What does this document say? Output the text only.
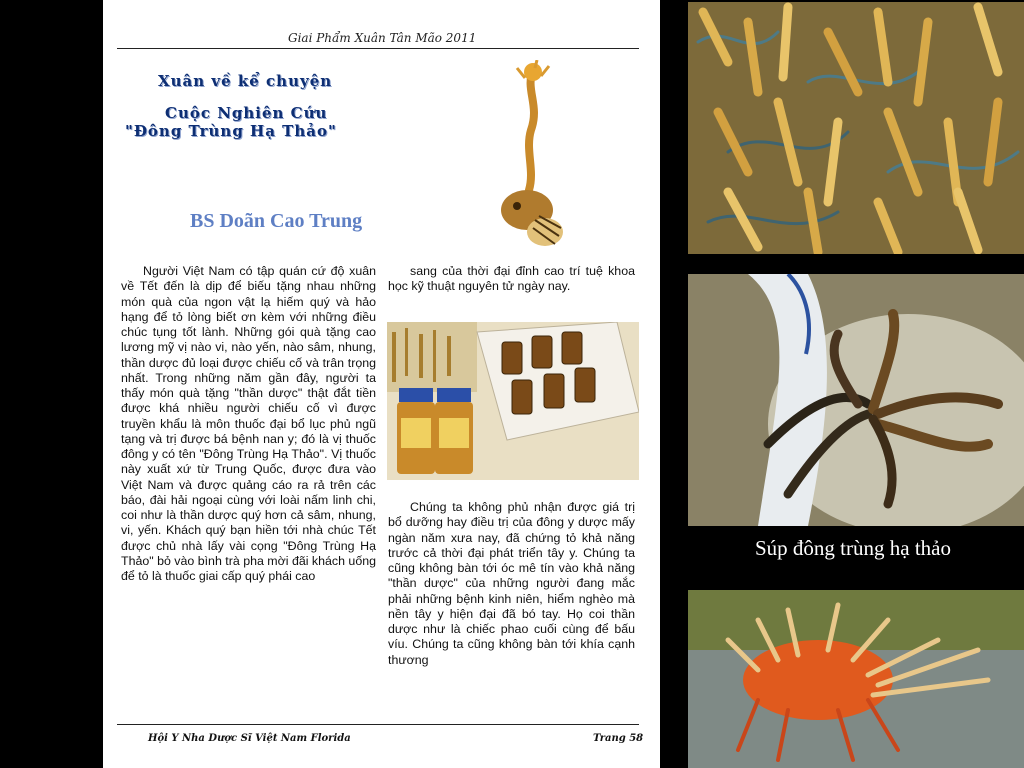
Giai Phẩm Xuân Tân Mão 2011
Xuân về kể chuyện
Cuộc Nghiên Cứu
"Đông Trùng Hạ Thảo"
BS Doãn Cao Trung

Người Việt Nam có tập quán cứ độ xuân về Tết đến là dịp để biếu tặng nhau những món quà của ngon vật lạ hiếm quý và hảo hạng để tỏ lòng biết ơn kèm với những điều chúc tụng tốt lành. Những gói quà tặng cao lương mỹ vị nào vi, nào yến, nào sâm, nhung, thần dược đủ loại được chiếu cố và trân trọng nhất. Trong những năm gần đây, người ta thấy món quà tặng "thần dược" thật đắt tiền được khá nhiều người chiếu cố vì được truyền khẩu là môn thuốc đại bổ lục phủ ngũ tạng và trị được bá bệnh nan y; đó là vị thuốc đông y có tên "Đông Trùng Hạ Thảo". Vị thuốc này xuất xứ từ Trung Quốc, được đưa vào Việt Nam và được quảng cáo ra rả trên các báo, đài hải ngoại cùng với loài nấm linh chi, coi như là thần dược quý hơn cả sâm, nhung, vi, yến. Khách quý bạn hiền tới nhà chúc Tết được chủ nhà lấy vài cọng "Đông Trùng Hạ Thảo" bỏ vào bình trà pha mời đãi khách uống để tỏ là thuốc giai cấp quý phái cao

sang của thời đại đỉnh cao trí tuệ khoa học kỹ thuật nguyên tử ngày nay.

Chúng ta không phủ nhận được giá trị bổ dưỡng hay điều trị của đông y dược mấy ngàn năm xưa nay, đã chứng tỏ khả năng trước cả thời đại phát triển tây y. Chúng ta cũng không bàn tới óc mê tín vào khả năng "thần dược" của những người đang mắc phải những bệnh kinh niên, hiểm nghèo mà nền tây y hiện đại đã bó tay. Họ coi thần dược như là chiếc phao cuối cùng để bấu víu. Chúng ta cũng không bàn tới khía cạnh thương

Hội Y Nha Dược Sĩ Việt Nam Florida	Trang 58
Súp đông trùng hạ thảo
